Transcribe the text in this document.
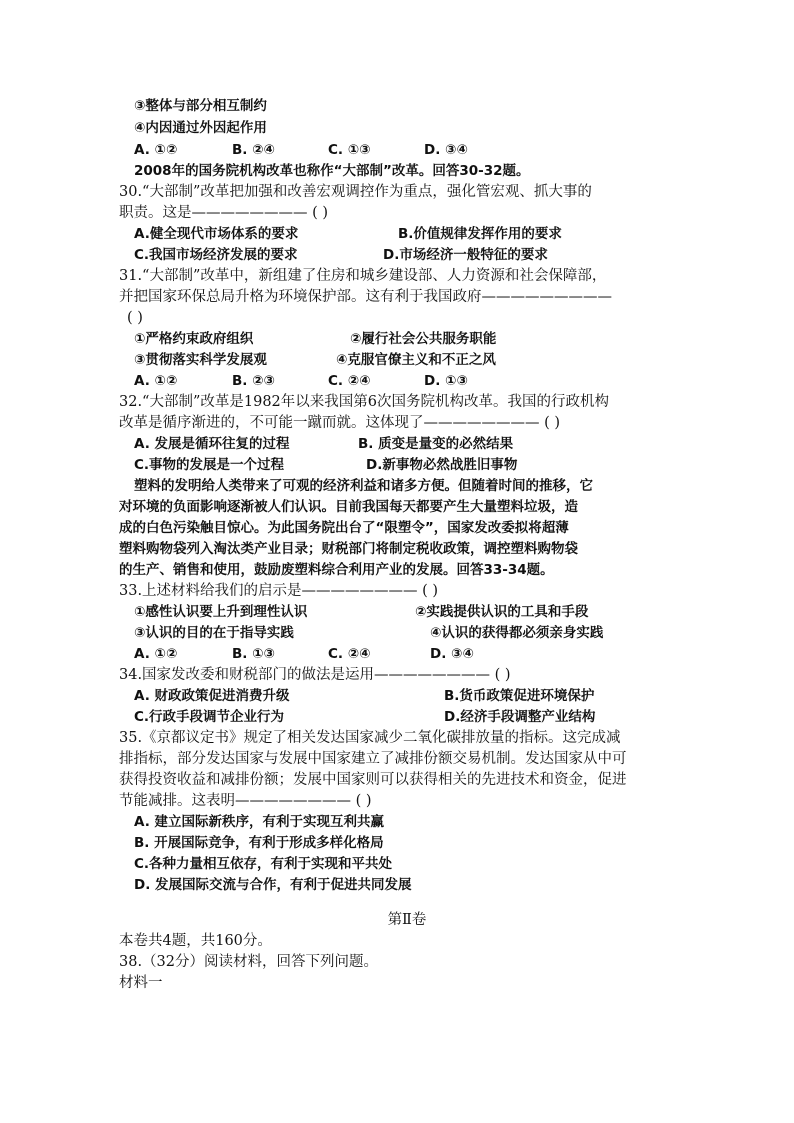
③整体与部分相互制约
④内因通过外因起作用
A. ①②	B. ②④	C. ①③	D. ③④
2008年的国务院机构改革也称作“大部制”改革。回答30-32题。
30.“大部制”改革把加强和改善宏观调控作为重点，强化管宏观、抓大事的
职责。这是———————— ( )
A.健全现代市场体系的要求	B.价值规律发挥作用的要求
C.我国市场经济发展的要求	D.市场经济一般特征的要求
31.“大部制”改革中，新组建了住房和城乡建设部、人力资源和社会保障部，
并把国家环保总局升格为环境保护部。这有利于我国政府—————————
( )
①严格约束政府组织	②履行社会公共服务职能
③贯彻落实科学发展观	④克服官僚主义和不正之风
A. ①②	B. ②③	C. ②④	D. ①③
32.“大部制”改革是1982年以来我国第6次国务院机构改革。我国的行政机构
改革是循序渐进的，不可能一蹴而就。这体现了———————— ( )
A. 发展是循环往复的过程	B. 质变是量变的必然结果
C.事物的发展是一个过程	D.新事物必然战胜旧事物
塑料的发明给人类带来了可观的经济利益和诸多方便。但随着时间的推移，它
对环境的负面影响逐渐被人们认识。目前我国每天都要产生大量塑料垃圾，造
成的白色污染触目惊心。为此国务院出台了“限塑令”，国家发改委拟将超薄
塑料购物袋列入淘汰类产业目录；财税部门将制定税收政策，调控塑料购物袋
的生产、销售和使用，鼓励废塑料综合利用产业的发展。回答33-34题。
33.上述材料给我们的启示是———————— ( )
①感性认识要上升到理性认识	②实践提供认识的工具和手段
③认识的目的在于指导实践	④认识的获得都必须亲身实践
A. ①②	B. ①③	C. ②④	D. ③④
34.国家发改委和财税部门的做法是运用———————— ( )
A. 财政政策促进消费升级	B.货币政策促进环境保护
C.行政手段调节企业行为	D.经济手段调整产业结构
35.《京都议定书》规定了相关发达国家减少二氧化碳排放量的指标。这完成减
排指标，部分发达国家与发展中国家建立了减排份额交易机制。发达国家从中可
获得投资收益和减排份额；发展中国家则可以获得相关的先进技术和资金，促进
节能减排。这表明———————— ( )
A. 建立国际新秩序，有利于实现互利共赢
B. 开展国际竞争，有利于形成多样化格局
C.各种力量相互依存，有利于实现和平共处
D. 发展国际交流与合作，有利于促进共同发展
第Ⅱ卷
本卷共4题，共160分。
38.（32分）阅读材料，回答下列问题。
材料一
